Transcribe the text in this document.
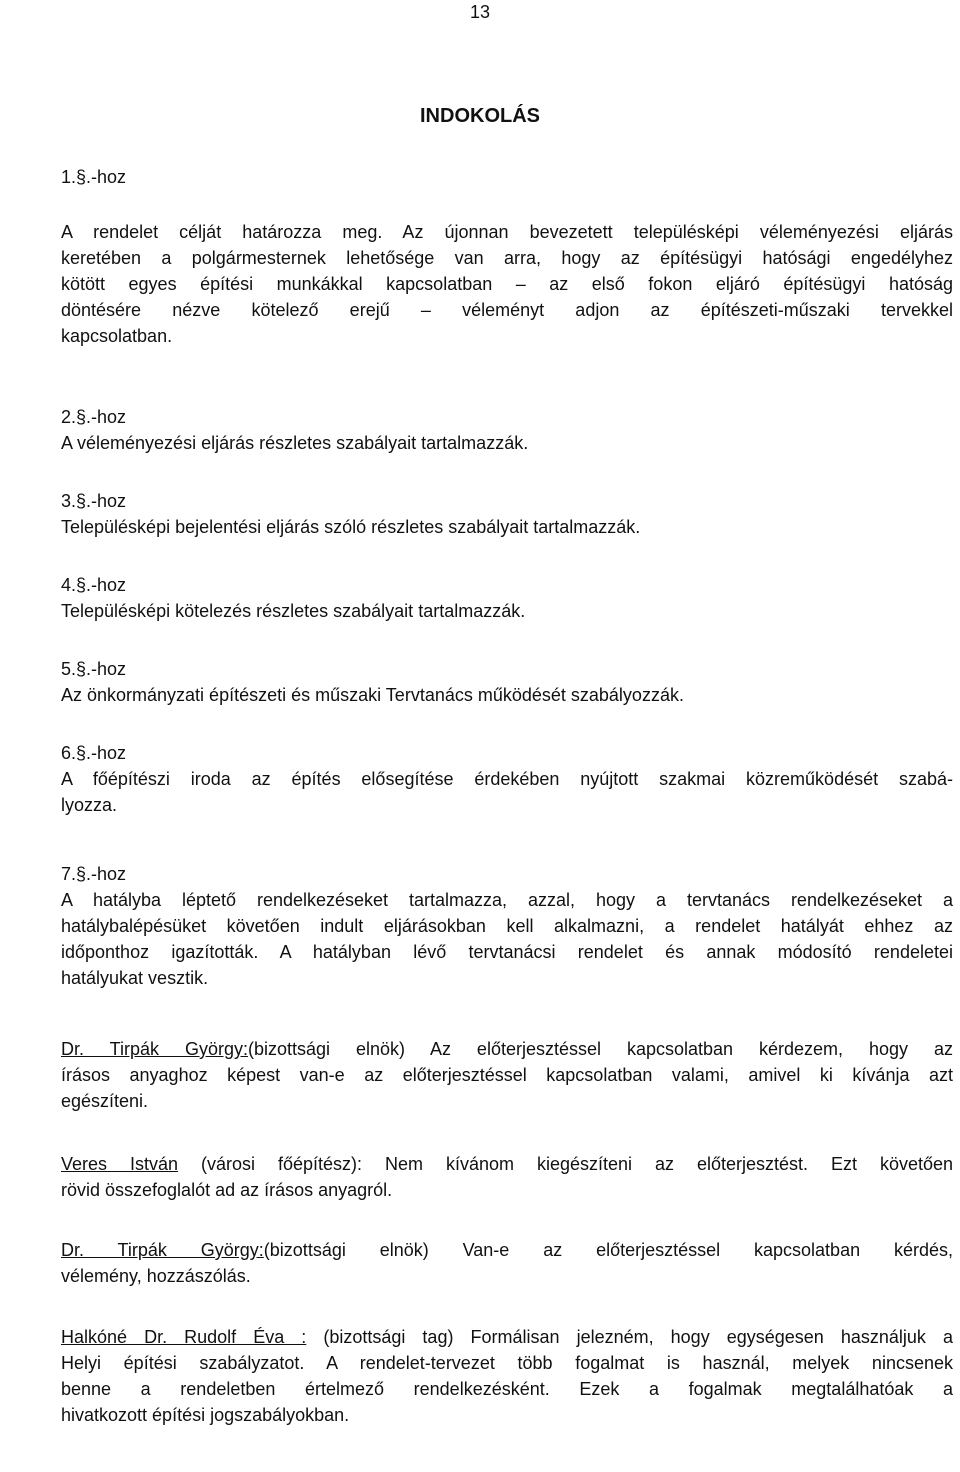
13
INDOKOLÁS
1.§.-hoz
A rendelet célját határozza meg. Az újonnan bevezetett településképi véleményezési eljárás
keretében a polgármesternek lehetősége van arra, hogy az építésügyi hatósági engedélyhez
kötött egyes építési munkákkal kapcsolatban – az első fokon eljáró építésügyi hatóság
döntésére nézve kötelező erejű – véleményt adjon az építészeti-műszaki tervekkel
kapcsolatban.
2.§.-hoz
A véleményezési eljárás részletes szabályait tartalmazzák.
3.§.-hoz
Településképi bejelentési eljárás szóló részletes szabályait tartalmazzák.
4.§.-hoz
Településképi kötelezés részletes szabályait tartalmazzák.
5.§.-hoz
Az önkormányzati építészeti és műszaki Tervtanács működését szabályozzák.
6.§.-hoz
A főépítészi iroda az építés elősegítése érdekében nyújtott szakmai közreműködését szabá-
lyozza.
7.§.-hoz
A hatályba léptető rendelkezéseket tartalmazza, azzal, hogy a tervtanács rendelkezéseket a
hatálybalépésüket követően indult eljárásokban kell alkalmazni, a rendelet hatályát ehhez az
időponthoz igazították. A hatályban lévő tervtanácsi rendelet és annak módosító rendeletei
hatályukat vesztik.
Dr. Tirpák György:(bizottsági elnök) Az előterjesztéssel kapcsolatban kérdezem, hogy az
írásos anyaghoz képest van-e az előterjesztéssel kapcsolatban valami, amivel ki kívánja azt
egészíteni.
Veres István (városi főépítész): Nem kívánom kiegészíteni az előterjesztést. Ezt követően
rövid összefoglalót ad az írásos anyagról.
Dr. Tirpák György:(bizottsági elnök) Van-e az előterjesztéssel kapcsolatban kérdés,
vélemény, hozzászólás.
Halkóné Dr. Rudolf Éva : (bizottsági tag) Formálisan jelezném, hogy egységesen használjuk a
Helyi építési szabályzatot. A rendelet-tervezet több fogalmat is használ, melyek nincsenek
benne a rendeletben értelmező rendelkezésként. Ezek a fogalmak megtalálhatóak a
hivatkozott építési jogszabályokban.
